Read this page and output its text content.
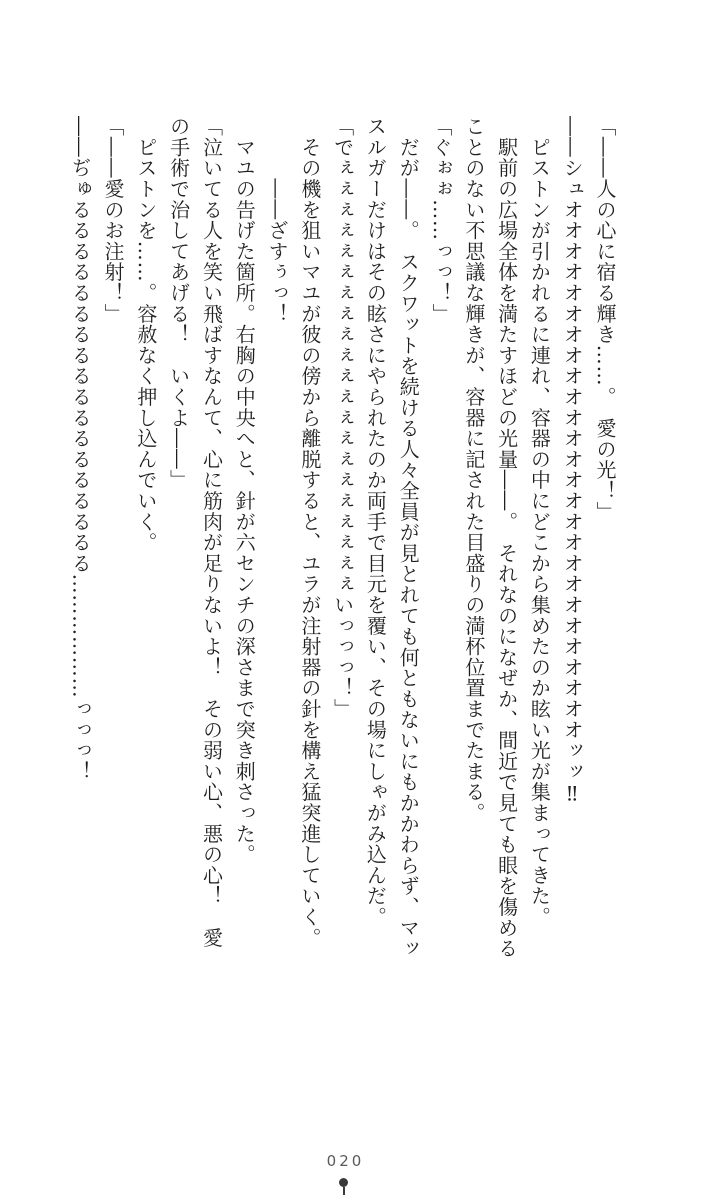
「――人の心に宿る輝き……。　愛の光！」

――シュオオオオオオオオオオオオオオオオオオオオオオオオオオッッ‼

　ピストンが引かれるに連れ、容器の中にどこから集めたのか眩い光が集まってきた。

　駅前の広場全体を満たすほどの光量――。　それなのになぜか、間近で見ても眼を傷める

ことのない不思議な輝きが、容器に記された目盛りの満杯位置までたまる。

「ぐぉぉ……っっ！」

　だが――。　スクワットを続ける人々全員が見とれても何ともないにもかかわらず、マッ

スルガーだけはその眩さにやられたのか両手で目元を覆い、その場にしゃがみ込んだ。

「でぇぇぇぇぇぇぇぇぇぇぇぇぇぇぇぇぇぇぇぇぇいっっっ！」

　その機を狙いマユが彼の傍から離脱すると、ユラが注射器の針を構え猛突進していく。

　　　――ざすぅっ！

　マユの告げた箇所。右胸の中央へと、針が六センチの深さまで突き刺さった。

「泣いてる人を笑い飛ばすなんて、心に筋肉が足りないよ！　その弱い心、悪の心！　愛

の手術で治してあげる！　いくよ――」

　ピストンを……。容赦なく押し込んでいく。

「――愛のお注射！」

――ぢゅるるるるるるるるるるるるるるるるるる………………っっっ！

020
